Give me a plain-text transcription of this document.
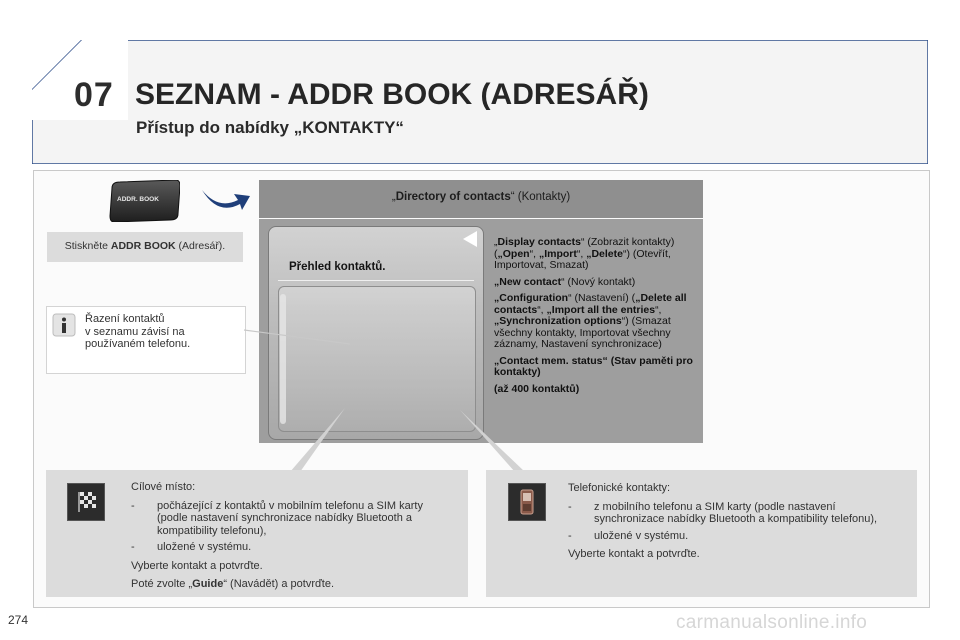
07 SEZNAM - ADDR BOOK (ADRESÁŘ)
Přístup do nabídky „KONTAKTY“
ADDR. BOOK
Stiskněte ADDR BOOK (Adresář).
Řazení kontaktů
v seznamu závisí na
používaném telefonu.
„Directory of contacts“ (Kontakty)
Přehled kontaktů.
„Display contacts“ (Zobrazit kontakty) („Open“, „Import“, „Delete“) (Otevřít, Importovat, Smazat)
„New contact“ (Nový kontakt)
„Configuration“ (Nastavení) („Delete all contacts“, „Import all the entries“, „Synchronization options“) (Smazat všechny kontakty, Importovat všechny záznamy, Nastavení synchronizace)
„Contact mem. status“ (Stav paměti pro kontakty)
(až 400 kontaktů)

Cílové místo:

- počházející z kontaktů v mobilním telefonu a SIM karty (podle nastavení synchronizace nabídky Bluetooth a kompatibility telefonu),
- uložené v systému.

Vyberte kontakt a potvrďte.

Poté zvolte „Guide“ (Navádět) a potvrďte.

Telefonické kontakty:

- z mobilního telefonu a SIM karty (podle nastavení synchronizace nabídky Bluetooth a kompatibility telefonu),
- uložené v systému.

Vyberte kontakt a potvrďte.

274	carmanualsonline.info
